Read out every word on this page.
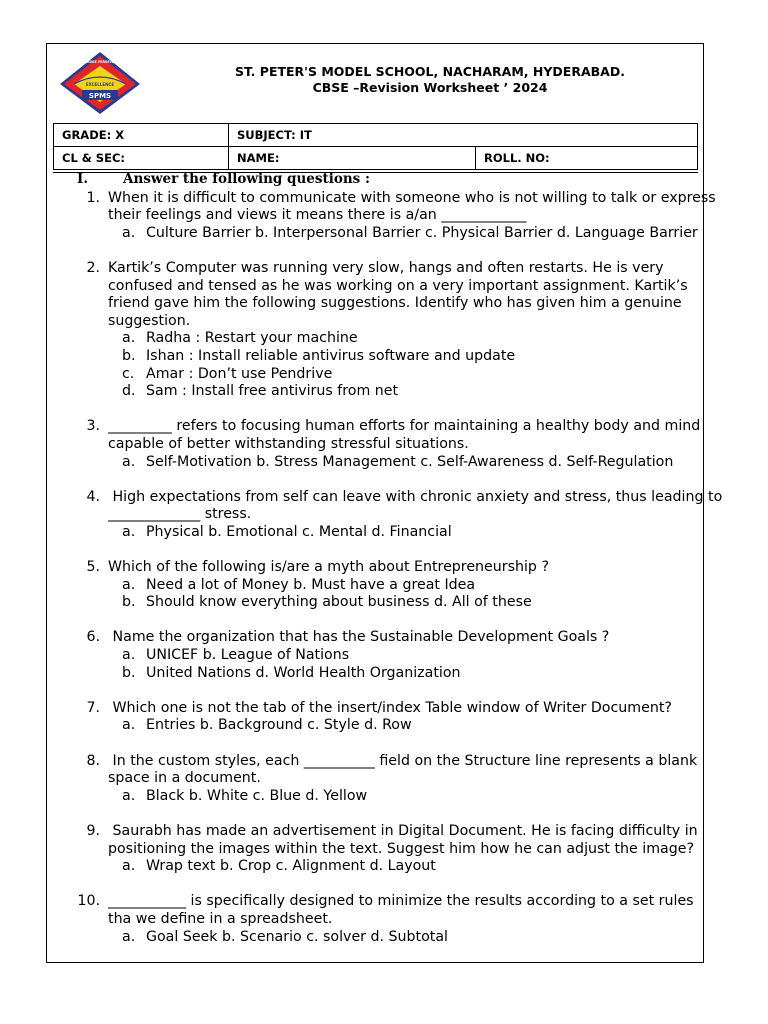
SPMS
EXCELLENCE
KNOWLEDGE PERSEVERANCE
ST. PETER'S MODEL SCHOOL, NACHARAM, HYDERABAD.
CBSE –Revision Worksheet ’ 2024
GRADE: X	SUBJECT: IT	
CL & SEC:	NAME:	ROLL. NO:
I.	Answer the following questions :
1. When it is difficult to communicate with someone who is not willing to talk or express
their feelings and views it means there is a/an ____________
a. Culture Barrier b. Interpersonal Barrier c. Physical Barrier d. Language Barrier
2. Kartik’s Computer was running very slow, hangs and often restarts. He is very
confused and tensed as he was working on a very important assignment. Kartik’s
friend gave him the following suggestions. Identify who has given him a genuine
suggestion.
a. Radha : Restart your machine
b. Ishan : Install reliable antivirus software and update
c. Amar : Don’t use Pendrive
d. Sam : Install free antivirus from net
3. _________ refers to focusing human efforts for maintaining a healthy body and mind
capable of better withstanding stressful situations.
a. Self-Motivation b. Stress Management c. Self-Awareness d. Self-Regulation
4. High expectations from self can leave with chronic anxiety and stress, thus leading to
_____________ stress.
a. Physical b. Emotional c. Mental d. Financial
5. Which of the following is/are a myth about Entrepreneurship ?
a. Need a lot of Money b. Must have a great Idea
b. Should know everything about business d. All of these
6. Name the organization that has the Sustainable Development Goals ?
a. UNICEF b. League of Nations
b. United Nations d. World Health Organization
7. Which one is not the tab of the insert/index Table window of Writer Document?
a. Entries b. Background c. Style d. Row
8. In the custom styles, each __________ field on the Structure line represents a blank
space in a document.
a. Black b. White c. Blue d. Yellow
9. Saurabh has made an advertisement in Digital Document. He is facing difficulty in
positioning the images within the text. Suggest him how he can adjust the image?
a. Wrap text b. Crop c. Alignment d. Layout
10. ___________ is specifically designed to minimize the results according to a set rules
tha we define in a spreadsheet.
a. Goal Seek b. Scenario c. solver d. Subtotal
